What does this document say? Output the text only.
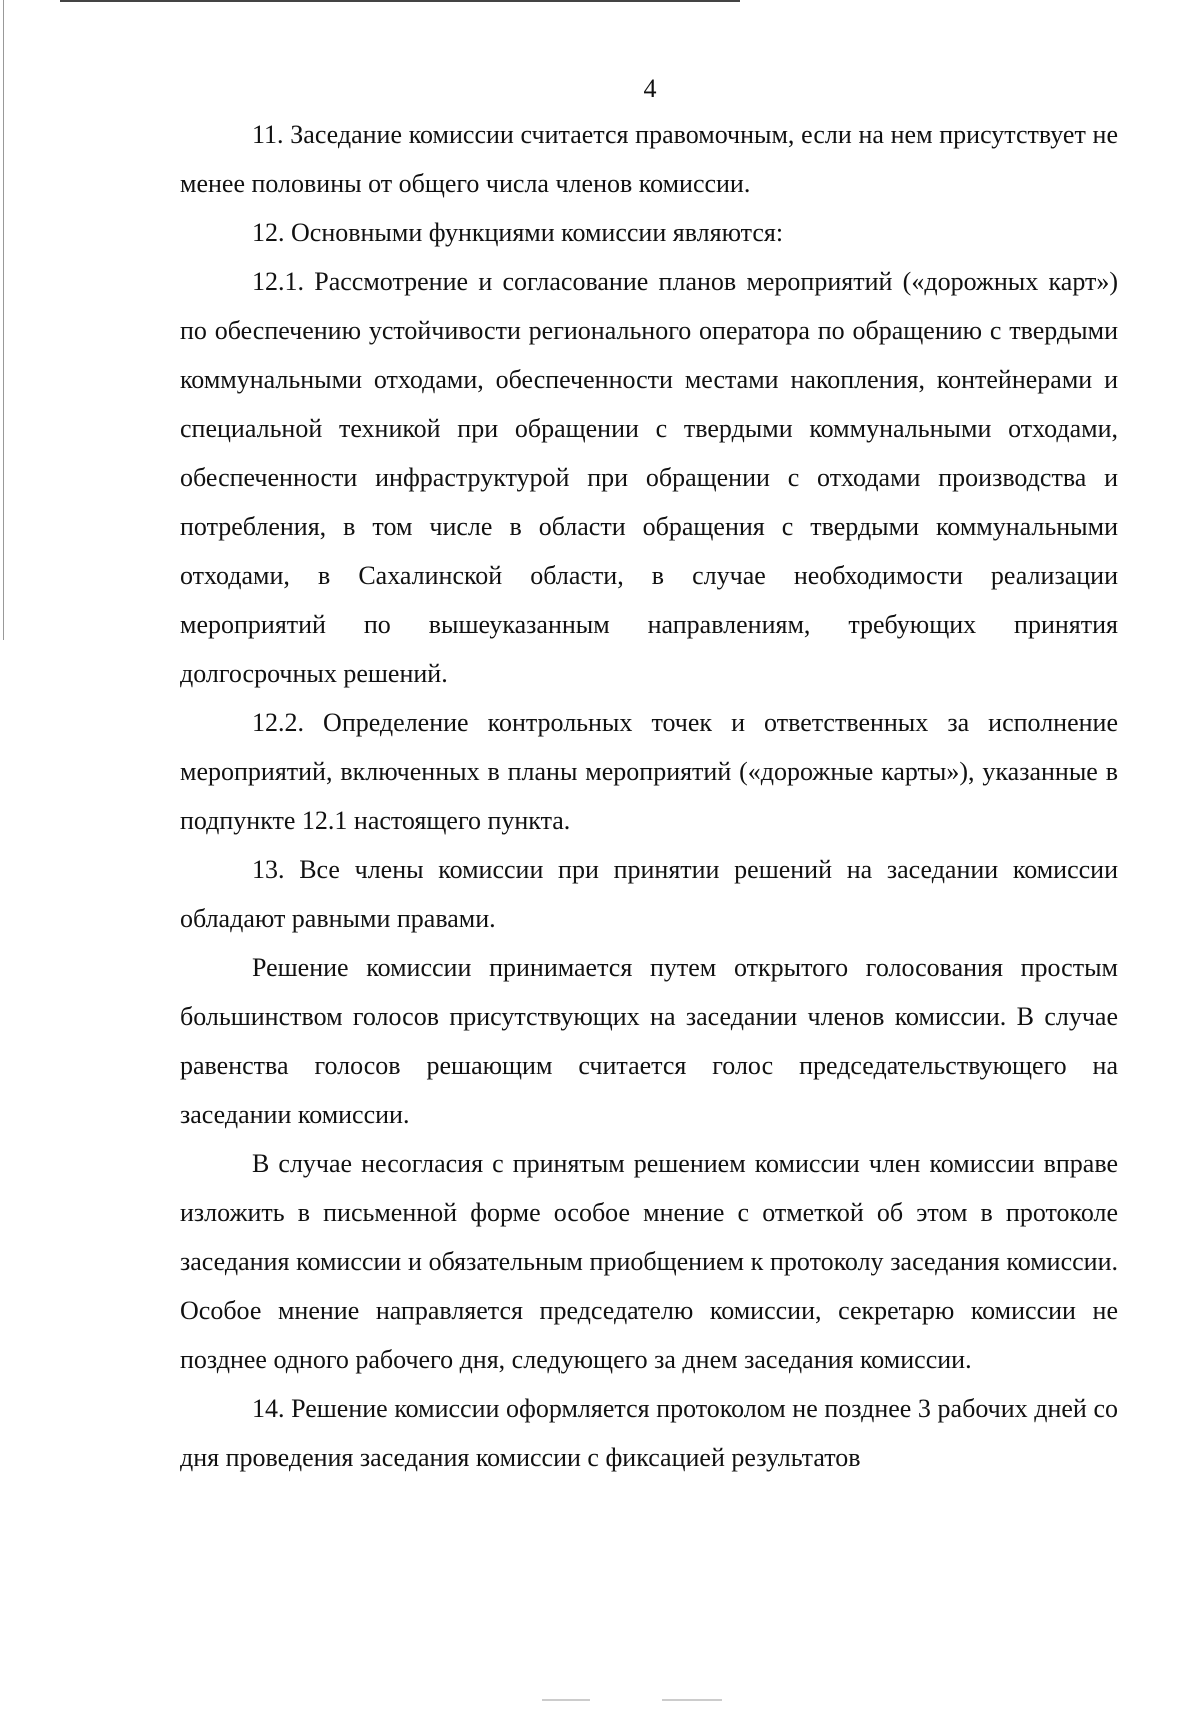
4

11. Заседание комиссии считается правомочным, если на нем присутствует не менее половины от общего числа членов комиссии.

12. Основными функциями комиссии являются:

12.1. Рассмотрение и согласование планов мероприятий («дорожных карт») по обеспечению устойчивости регионального оператора по обращению с твердыми коммунальными отходами, обеспеченности местами накопления, контейнерами и специальной техникой при обращении с твердыми коммунальными отходами, обеспеченности инфраструктурой при обращении с отходами производства и потребления, в том числе в области обращения с твердыми коммунальными отходами, в Сахалинской области, в случае необходимости реализации мероприятий по вышеуказанным направлениям, требующих принятия долгосрочных решений.

12.2. Определение контрольных точек и ответственных за исполнение мероприятий, включенных в планы мероприятий («дорожные карты»), указанные в подпункте 12.1 настоящего пункта.

13. Все члены комиссии при принятии решений на заседании комиссии обладают равными правами.

Решение комиссии принимается путем открытого голосования простым большинством голосов присутствующих на заседании членов комиссии. В случае равенства голосов решающим считается голос председательствующего на заседании комиссии.

В случае несогласия с принятым решением комиссии член комиссии вправе изложить в письменной форме особое мнение с отметкой об этом в протоколе заседания комиссии и обязательным приобщением к протоколу заседания комиссии. Особое мнение направляется председателю комиссии, секретарю комиссии не позднее одного рабочего дня, следующего за днем заседания комиссии.

14. Решение комиссии оформляется протоколом не позднее 3 рабочих дней со дня проведения заседания комиссии с фиксацией результатов
